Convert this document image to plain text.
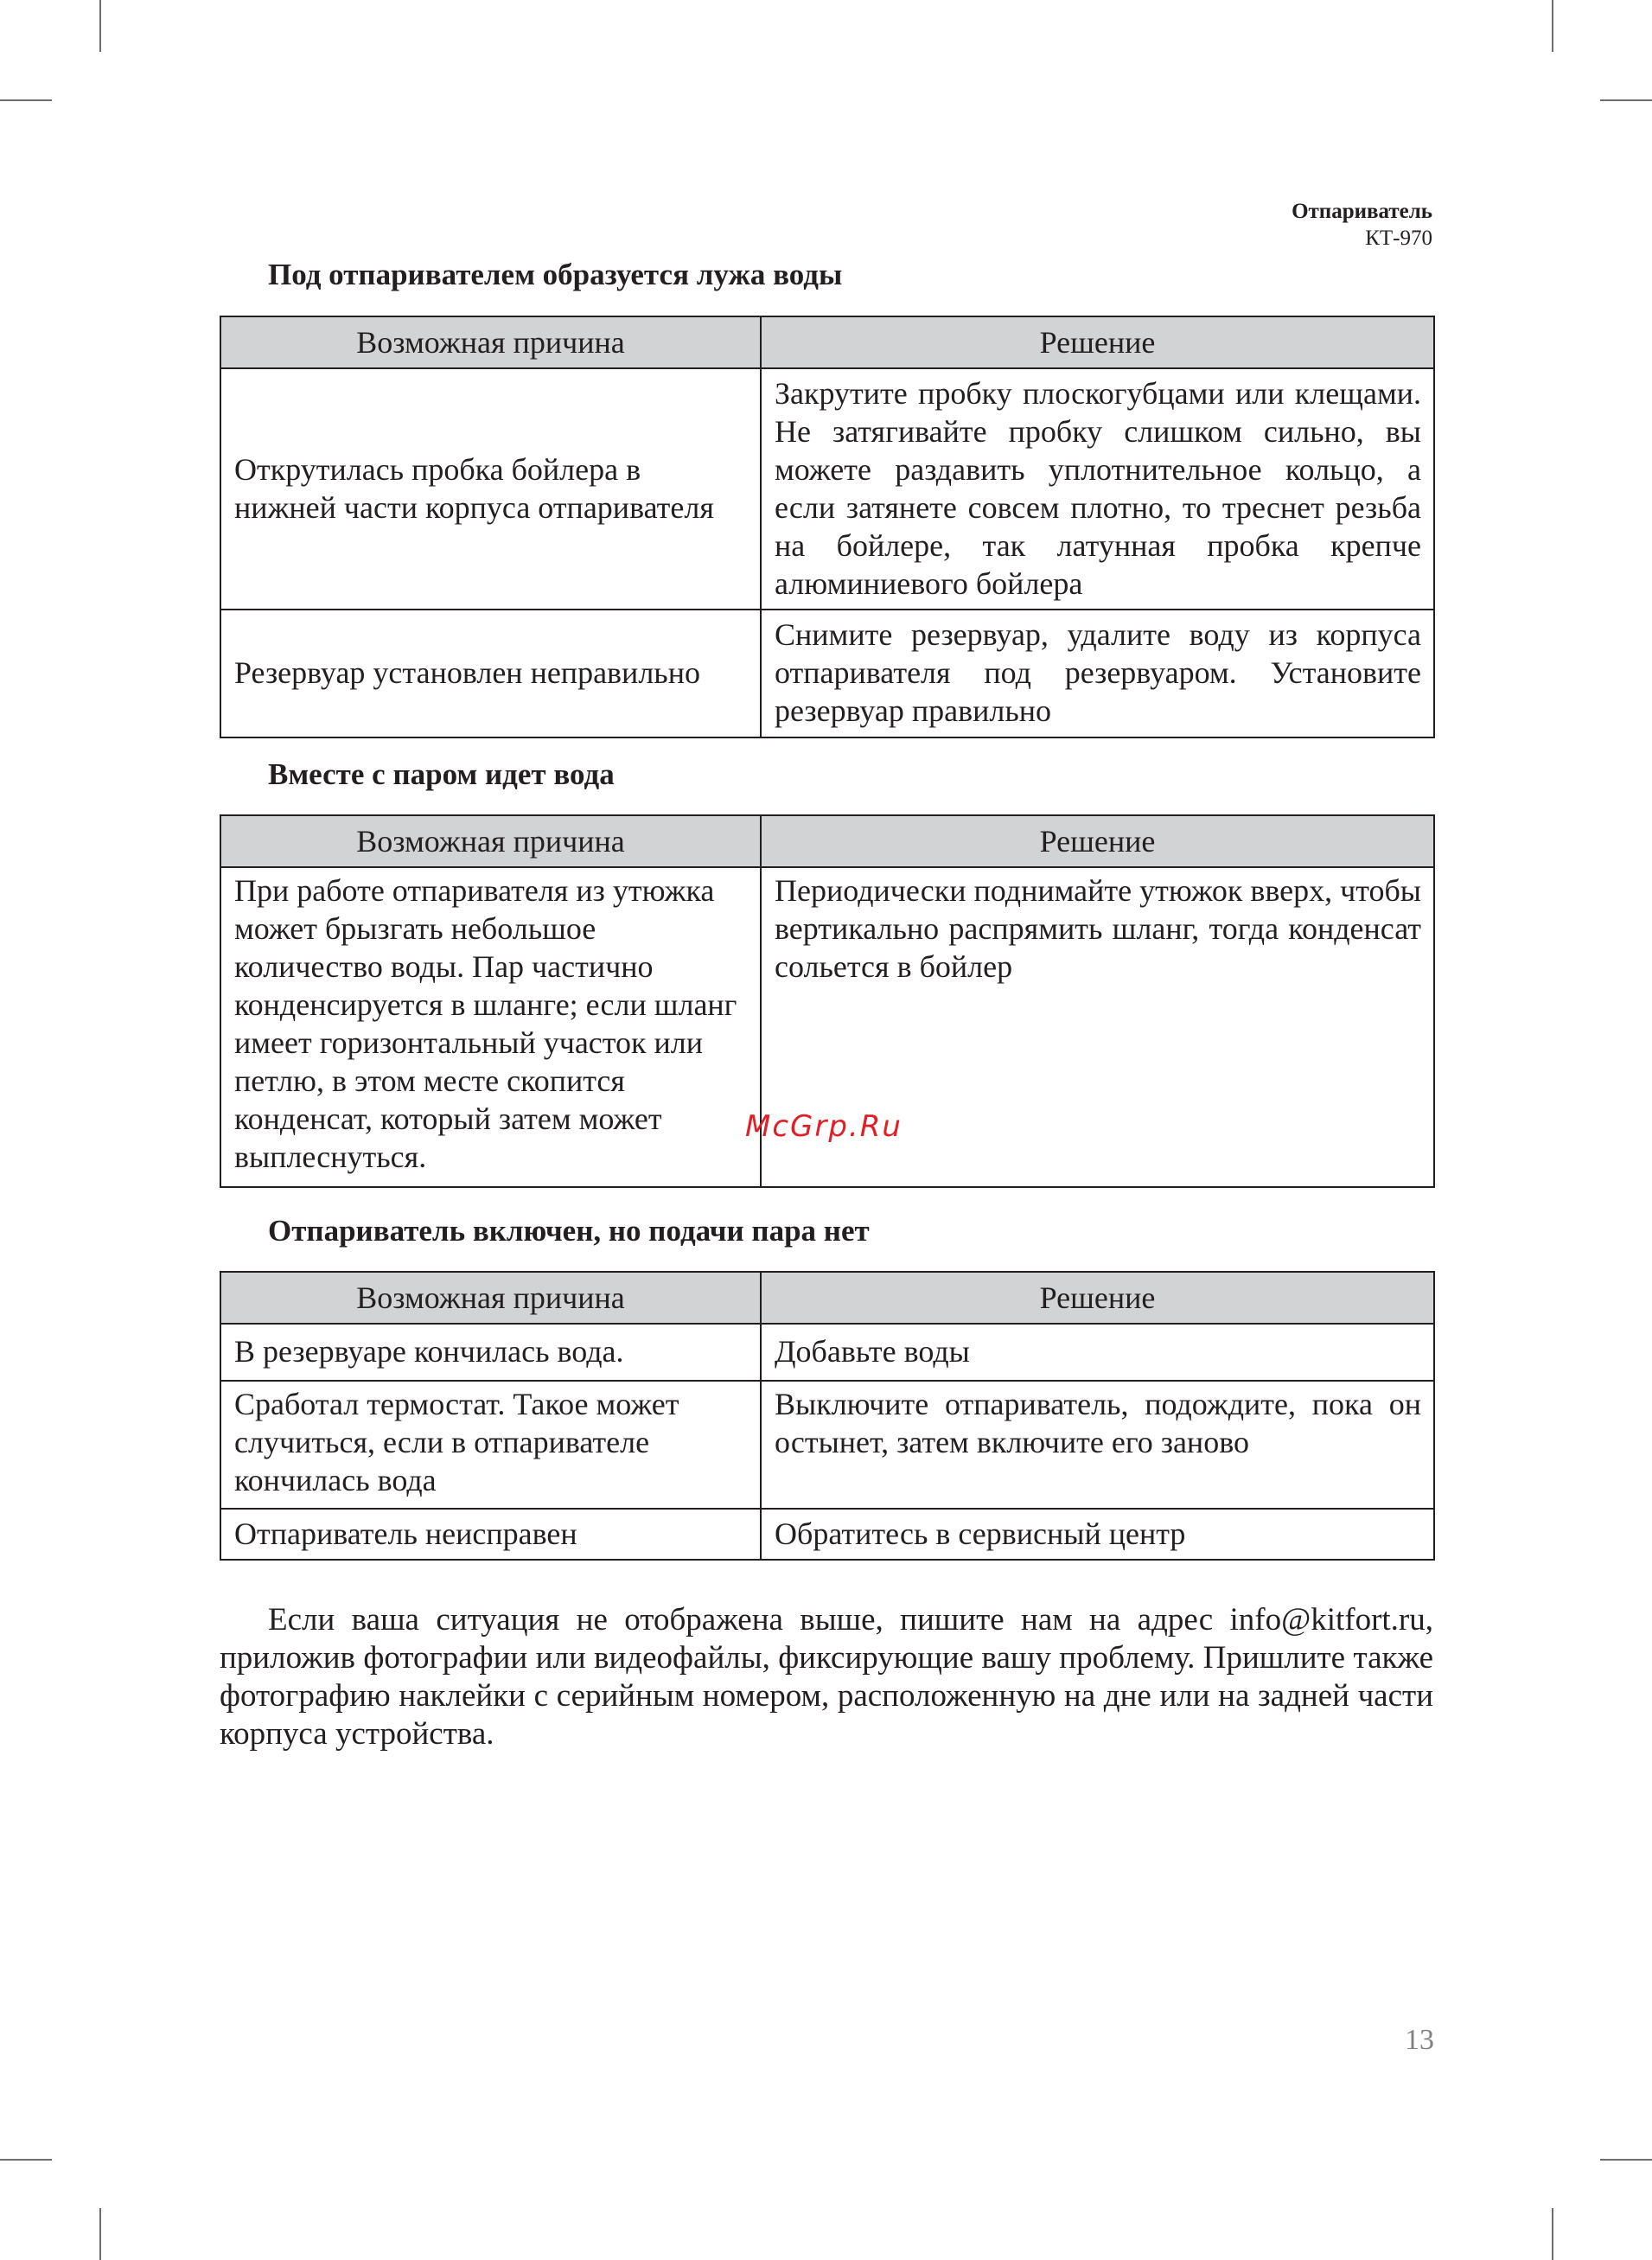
Отпариватель
КТ-970
Под отпаривателем образуется лужа воды
Возможная причина	Решение
Открутилась пробка бойлера в нижней части корпуса отпаривателя	Закрутите пробку плоскогубцами или клещами. Не затягивайте пробку слишком сильно, вы можете раздавить уплотнительное кольцо, а если затянете совсем плотно, то треснет резьба на бойлере, так латунная пробка крепче алюминиевого бойлера
Резервуар установлен неправильно	Снимите резервуар, удалите воду из корпуса отпаривателя под резервуаром. Установите резервуар правильно
Вместе с паром идет вода
Возможная причина	Решение
При работе отпаривателя из утюжка может брызгать небольшое количество воды. Пар частично конденсируется в шланге; если шланг имеет горизонтальный участок или петлю, в этом месте скопится конденсат, который затем может выплеснуться.	Периодически поднимайте утюжок вверх, чтобы вертикально распрямить шланг, тогда конденсат сольется в бойлер
Отпариватель включен, но подачи пара нет
Возможная причина	Решение
В резервуаре кончилась вода.	Добавьте воды
Сработал термостат. Такое может случиться, если в отпаривателе кончилась вода	Выключите отпариватель, подождите, пока он остынет, затем включите его заново
Отпариватель неисправен	Обратитесь в сервисный центр
Если ваша ситуация не отображена выше, пишите нам на адрес info@kitfort.ru, приложив фотографии или видеофайлы, фиксирующие вашу проблему. Пришлите также фотографию наклейки с серийным номером, расположенную на дне или на задней части корпуса устройства.
McGrp.Ru
13
